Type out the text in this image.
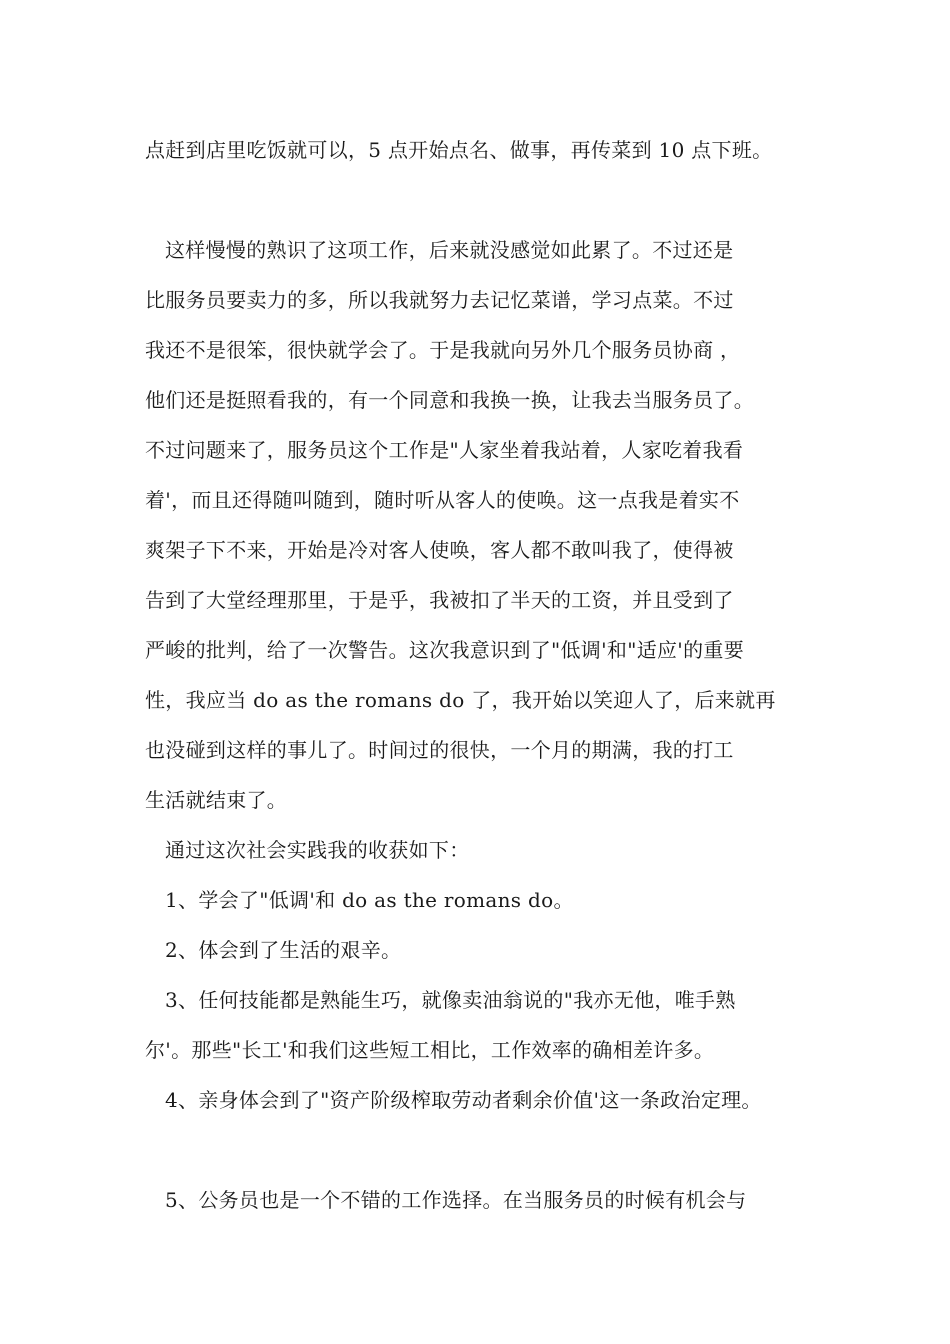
点赶到店里吃饭就可以，5 点开始点名、做事，再传菜到 10 点下班。
这样慢慢的熟识了这项工作，后来就没感觉如此累了。不过还是
比服务员要卖力的多，所以我就努力去记忆菜谱，学习点菜。不过
我还不是很笨，很快就学会了。于是我就向另外几个服务员协商 ，
他们还是挺照看我的，有一个同意和我换一换，让我去当服务员了。
不过问题来了，服务员这个工作是"人家坐着我站着，人家吃着我看
着'，而且还得随叫随到，随时听从客人的使唤。这一点我是着实不
爽架子下不来，开始是冷对客人使唤，客人都不敢叫我了，使得被
告到了大堂经理那里，于是乎，我被扣了半天的工资，并且受到了
严峻的批判，给了一次警告。这次我意识到了"低调'和"适应'的重要
性，我应当 do as the romans do 了，我开始以笑迎人了，后来就再
也没碰到这样的事儿了。时间过的很快，一个月的期满，我的打工
生活就结束了。
通过这次社会实践我的收获如下：
1、学会了"低调'和 do as the romans do。
2、体会到了生活的艰辛。
3、任何技能都是熟能生巧，就像卖油翁说的"我亦无他，唯手熟
尔'。那些"长工'和我们这些短工相比，工作效率的确相差许多。
4、亲身体会到了"资产阶级榨取劳动者剩余价值'这一条政治定理。
5、公务员也是一个不错的工作选择。在当服务员的时候有机会与
